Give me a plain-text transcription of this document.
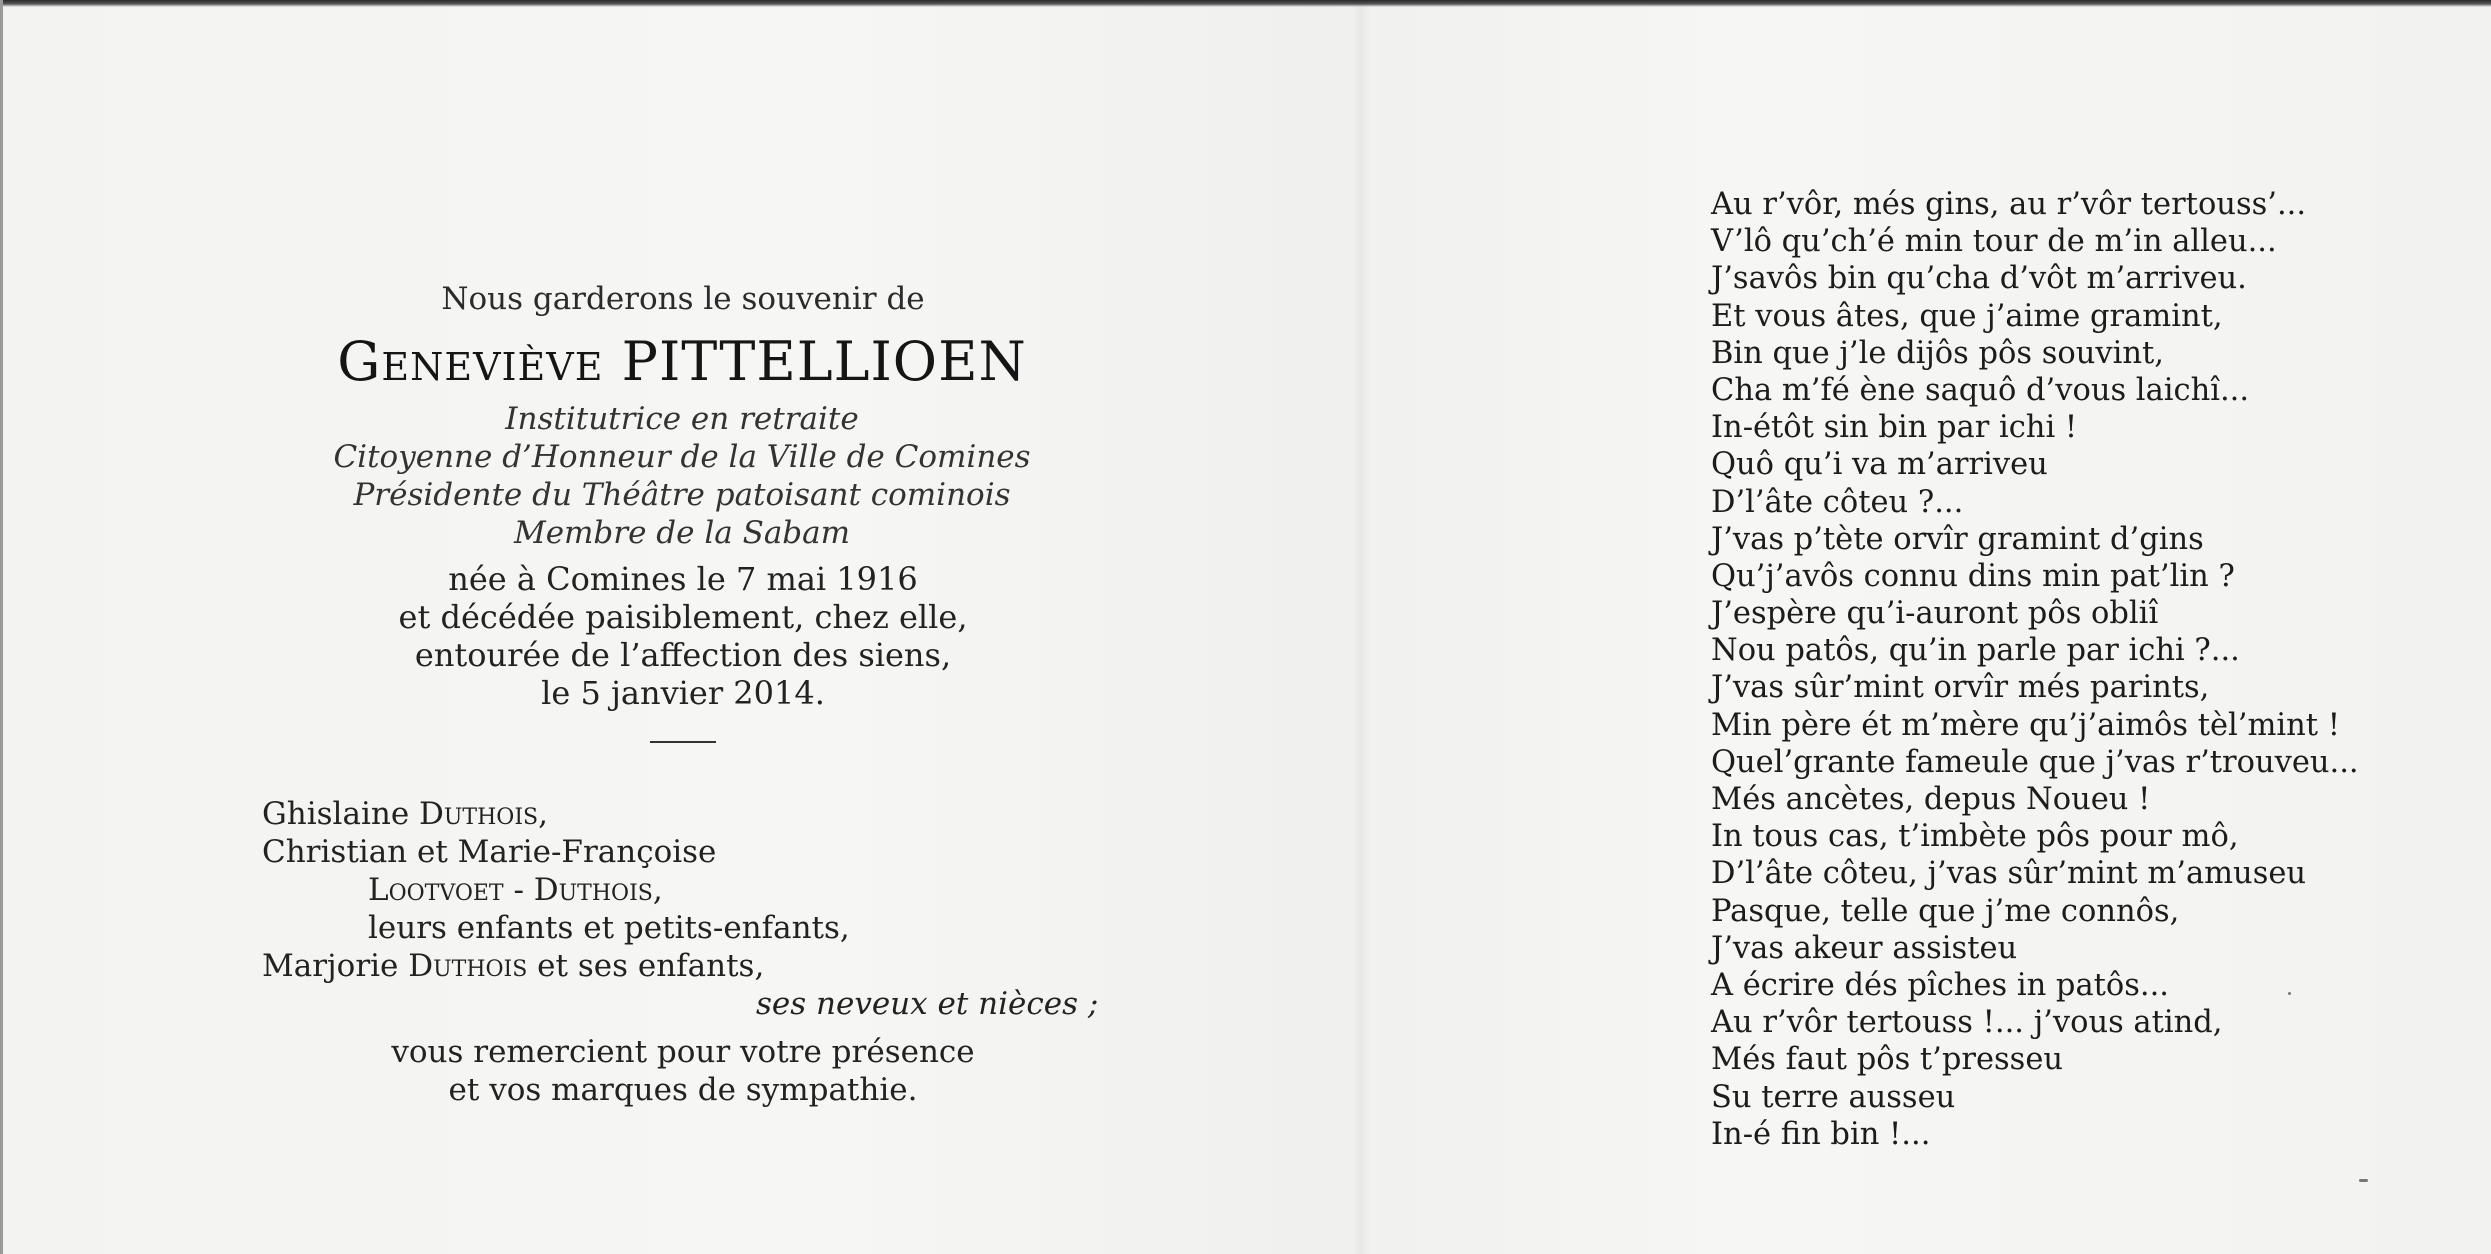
Nous garderons le souvenir de
Geneviève PITTELLIOEN
Institutrice en retraite
Citoyenne d’Honneur de la Ville de Comines
Présidente du Théâtre patoisant cominois
Membre de la Sabam
née à Comines le 7 mai 1916
et décédée paisiblement, chez elle,
entourée de l’affection des siens,
le 5 janvier 2014.
Ghislaine Duthois,
Christian et Marie-Françoise
Lootvoet - Duthois,
leurs enfants et petits-enfants,
Marjorie Duthois et ses enfants,
ses neveux et nièces ;
vous remercient pour votre présence
et vos marques de sympathie.
Au r’vôr, més gins, au r’vôr tertouss’...
V’lô qu’ch’é min tour de m’in alleu...
J’savôs bin qu’cha d’vôt m’arriveu.
Et vous âtes, que j’aime gramint,
Bin que j’le dijôs pôs souvint,
Cha m’fé ène saquô d’vous laichî...
In-étôt sin bin par ichi !
Quô qu’i va m’arriveu
D’l’âte côteu ?...
J’vas p’tète orvîr gramint d’gins
Qu’j’avôs connu dins min pat’lin ?
J’espère qu’i-auront pôs obliî
Nou patôs, qu’in parle par ichi ?...
J’vas sûr’mint orvîr més parints,
Min père ét m’mère qu’j’aimôs tèl’mint !
Quel’grante fameule que j’vas r’trouveu...
Més ancètes, depus Noueu !
In tous cas, t’imbète pôs pour mô,
D’l’âte côteu, j’vas sûr’mint m’amuseu
Pasque, telle que j’me connôs,
J’vas akeur assisteu
A écrire dés pîches in patôs...
Au r’vôr tertouss !... j’vous atind,
Més faut pôs t’presseu
Su terre ausseu
In-é fin bin !...
